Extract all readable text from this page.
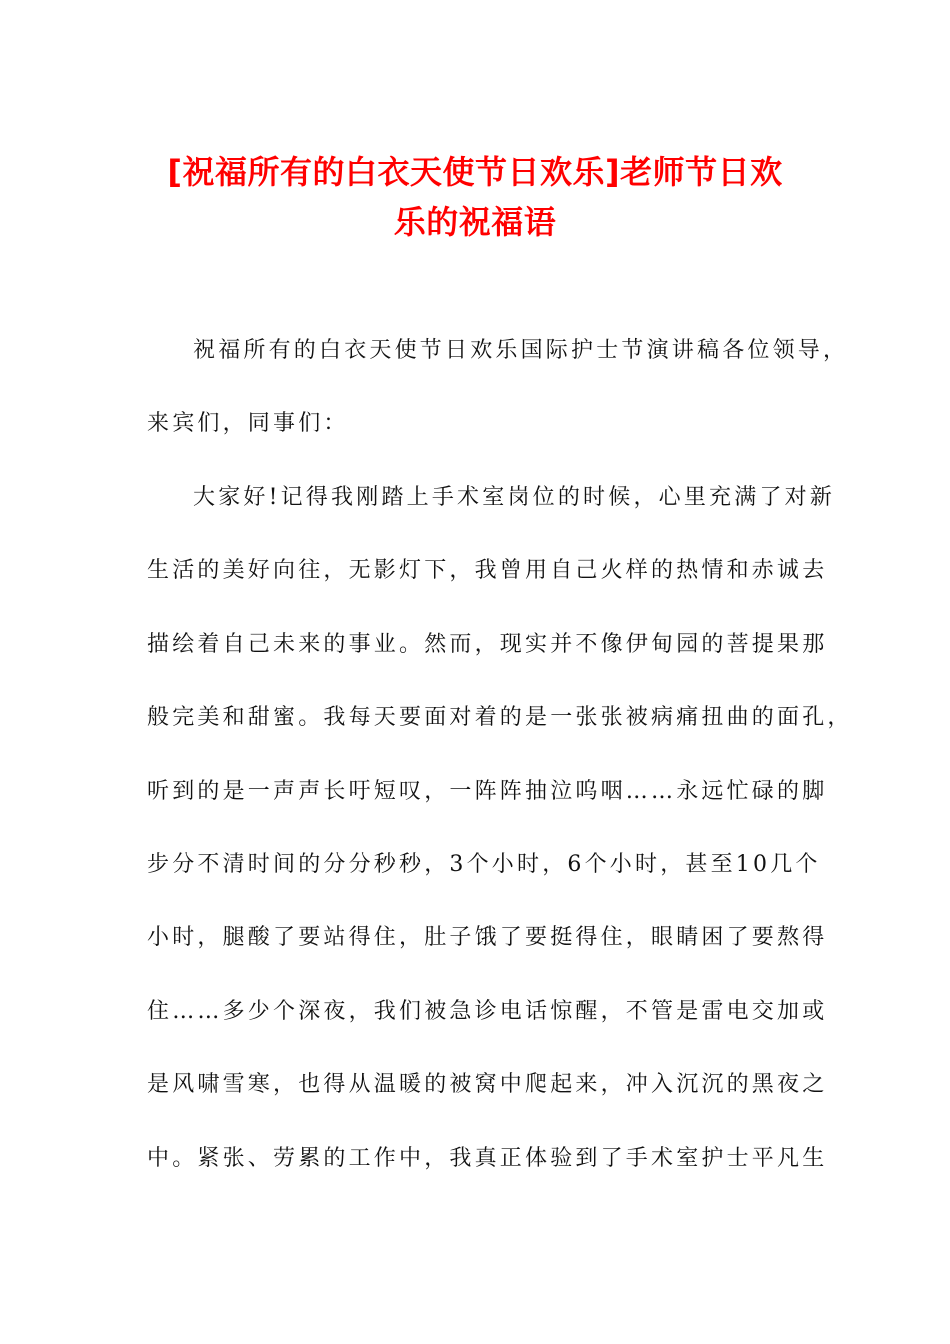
[祝福所有的白衣天使节日欢乐]老师节日欢
乐的祝福语
祝福所有的白衣天使节日欢乐国际护士节演讲稿各位领导，
来宾们，同事们：
大家好!记得我刚踏上手术室岗位的时候，心里充满了对新
生活的美好向往，无影灯下，我曾用自己火样的热情和赤诚去
描绘着自己未来的事业。然而，现实并不像伊甸园的菩提果那
般完美和甜蜜。我每天要面对着的是一张张被病痛扭曲的面孔，
听到的是一声声长吁短叹，一阵阵抽泣呜咽……永远忙碌的脚
步分不清时间的分分秒秒，3个小时，6个小时，甚至10几个
小时，腿酸了要站得住，肚子饿了要挺得住，眼睛困了要熬得
住……多少个深夜，我们被急诊电话惊醒，不管是雷电交加或
是风啸雪寒，也得从温暖的被窝中爬起来，冲入沉沉的黑夜之
中。紧张、劳累的工作中，我真正体验到了手术室护士平凡生
